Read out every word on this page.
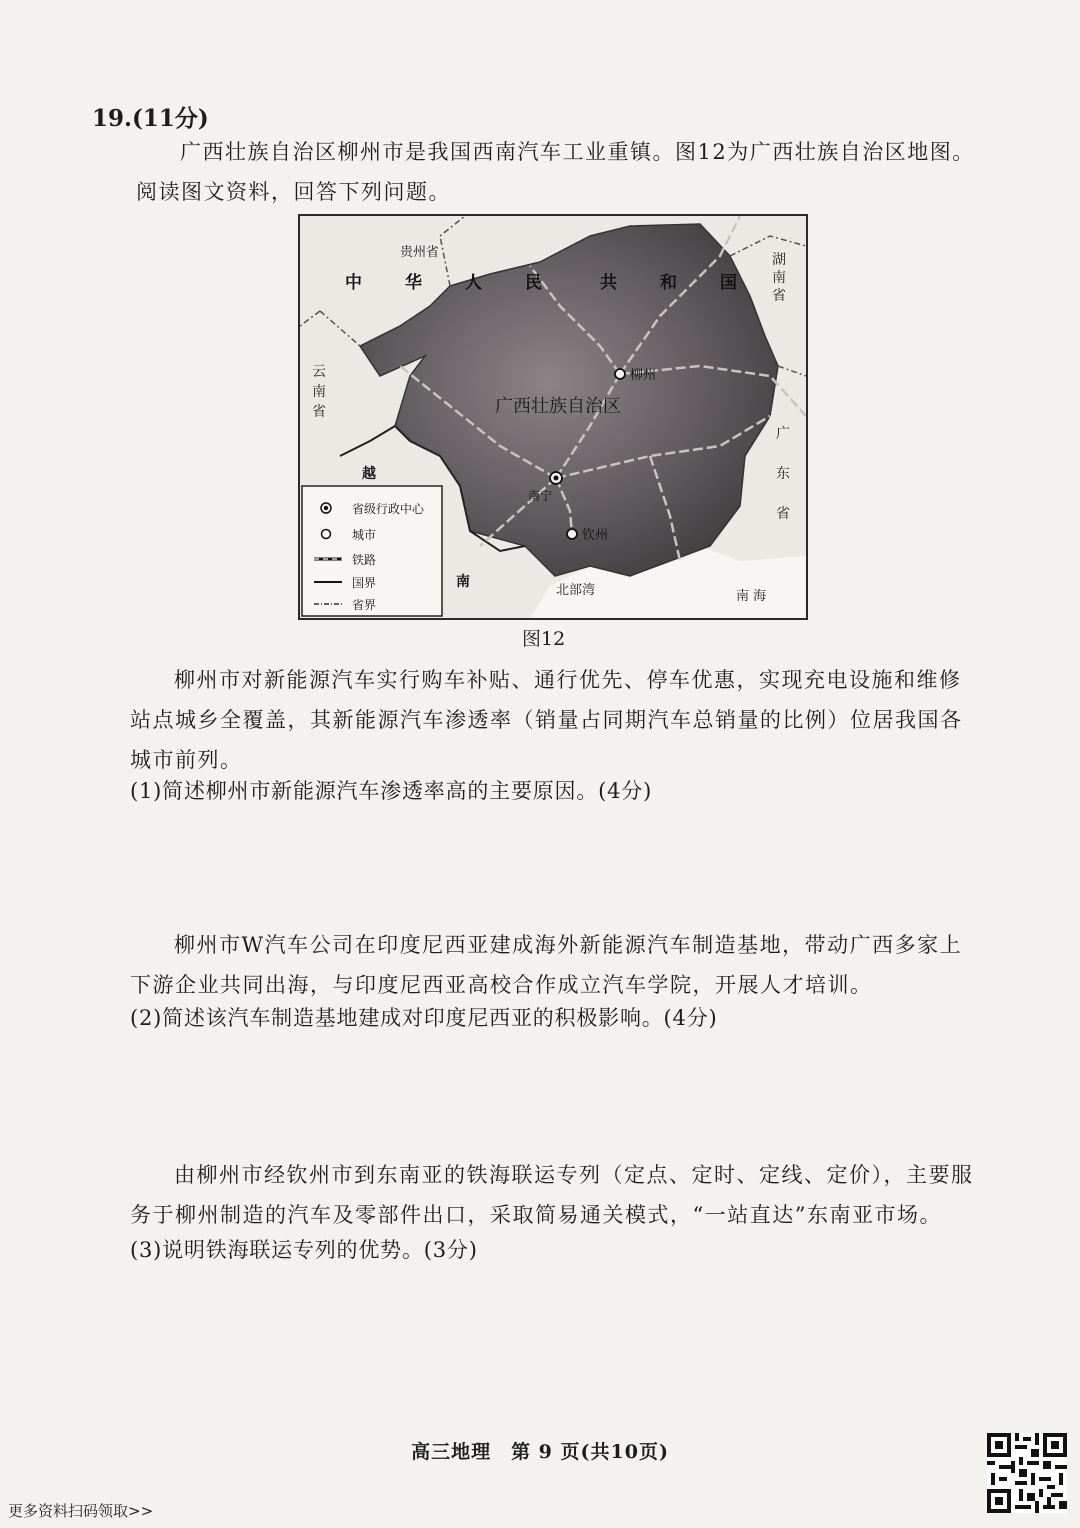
19.(11分)
广西壮族自治区柳州市是我国西南汽车工业重镇。图12为广西壮族自治区地图。阅读图文资料，回答下列问题。
贵州省
中	华	人	民	共	和	国
湖
南
省
云
南
省
广
东
省
广西壮族自治区
柳州
南宁
钦州
越
南
北部湾	南 海
省级行政中心
城市
铁路
国界
省界
图12
柳州市对新能源汽车实行购车补贴、通行优先、停车优惠，实现充电设施和维修站点城乡全覆盖，其新能源汽车渗透率（销量占同期汽车总销量的比例）位居我国各城市前列。
(1)简述柳州市新能源汽车渗透率高的主要原因。(4分)
柳州市W汽车公司在印度尼西亚建成海外新能源汽车制造基地，带动广西多家上下游企业共同出海，与印度尼西亚高校合作成立汽车学院，开展人才培训。
(2)简述该汽车制造基地建成对印度尼西亚的积极影响。(4分)
由柳州市经钦州市到东南亚的铁海联运专列（定点、定时、定线、定价），主要服务于柳州制造的汽车及零部件出口，采取简易通关模式，“一站直达”东南亚市场。
(3)说明铁海联运专列的优势。(3分)
高三地理　第 9 页(共10页)
更多资料扫码领取>>
